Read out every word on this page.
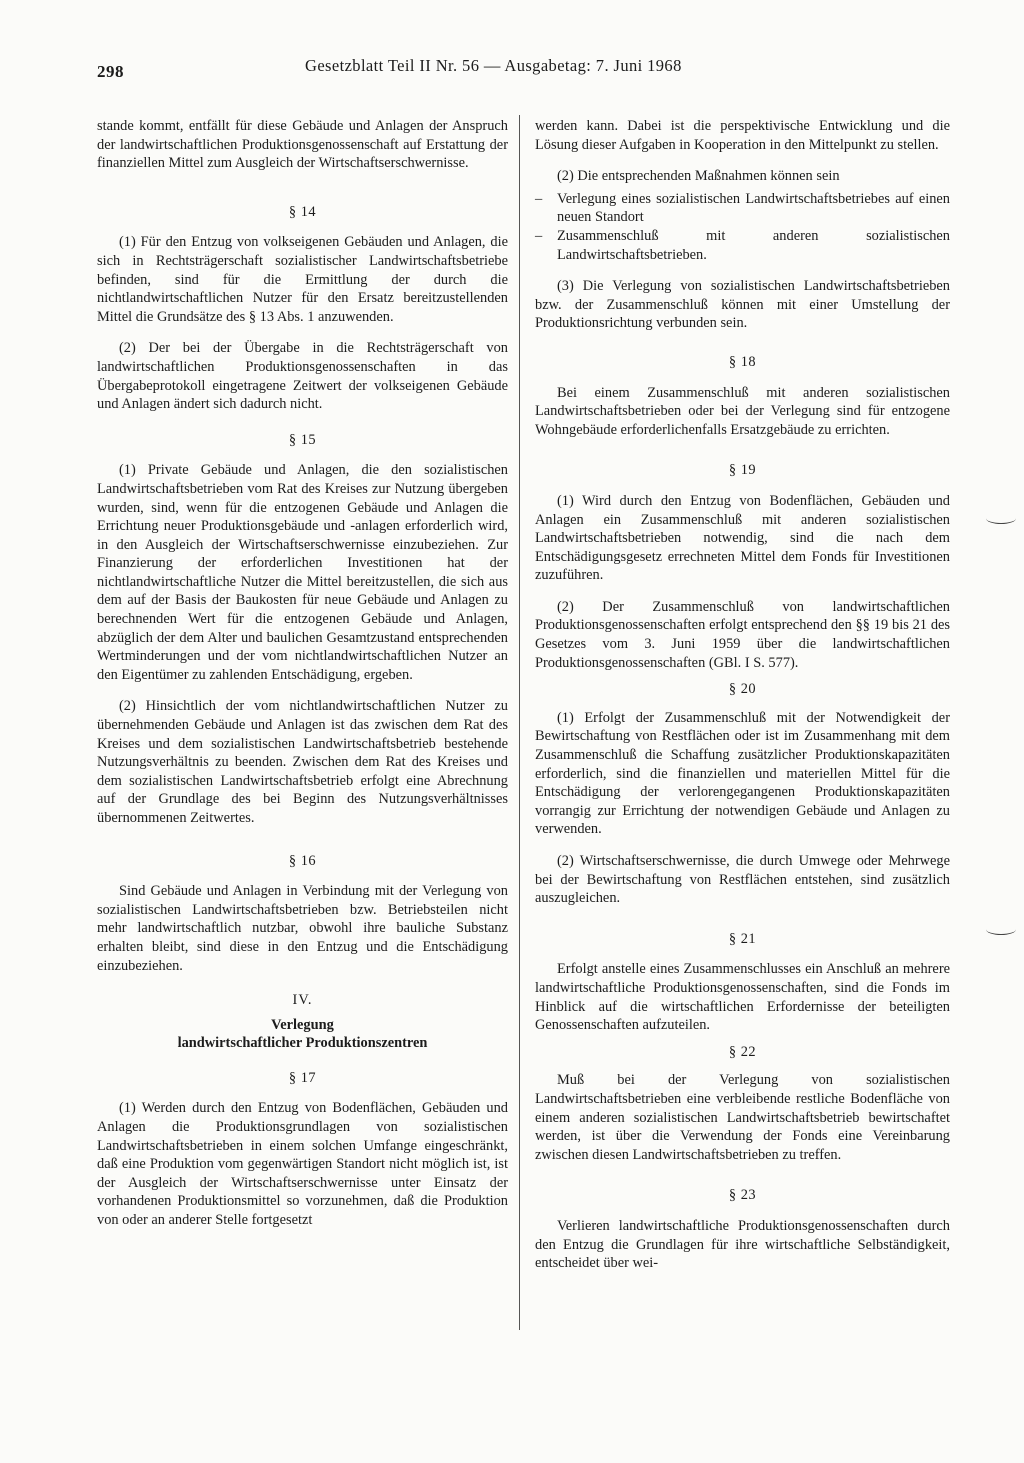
298	Gesetzblatt Teil II Nr. 56 — Ausgabetag: 7. Juni 1968

stande kommt, entfällt für diese Gebäude und Anlagen der Anspruch der landwirtschaftlichen Produktionsgenossenschaft auf Erstattung der finanziellen Mittel zum Ausgleich der Wirtschaftserschwernisse.

§ 14

(1) Für den Entzug von volkseigenen Gebäuden und Anlagen, die sich in Rechtsträgerschaft sozialistischer Landwirtschaftsbetriebe befinden, sind für die Ermittlung der durch die nichtlandwirtschaftlichen Nutzer für den Ersatz bereitzustellenden Mittel die Grundsätze des § 13 Abs. 1 anzuwenden.

(2) Der bei der Übergabe in die Rechtsträgerschaft von landwirtschaftlichen Produktionsgenossenschaften in das Übergabeprotokoll eingetragene Zeitwert der volkseigenen Gebäude und Anlagen ändert sich dadurch nicht.

§ 15

(1) Private Gebäude und Anlagen, die den sozialistischen Landwirtschaftsbetrieben vom Rat des Kreises zur Nutzung übergeben wurden, sind, wenn für die entzogenen Gebäude und Anlagen die Errichtung neuer Produktionsgebäude und -anlagen erforderlich wird, in den Ausgleich der Wirtschaftserschwernisse einzubeziehen. Zur Finanzierung der erforderlichen Investitionen hat der nichtlandwirtschaftliche Nutzer die Mittel bereitzustellen, die sich aus dem auf der Basis der Baukosten für neue Gebäude und Anlagen zu berechnenden Wert für die entzogenen Gebäude und Anlagen, abzüglich der dem Alter und baulichen Gesamtzustand entsprechenden Wertminderungen und der vom nichtlandwirtschaftlichen Nutzer an den Eigentümer zu zahlenden Entschädigung, ergeben.

(2) Hinsichtlich der vom nichtlandwirtschaftlichen Nutzer zu übernehmenden Gebäude und Anlagen ist das zwischen dem Rat des Kreises und dem sozialistischen Landwirtschaftsbetrieb bestehende Nutzungsverhältnis zu beenden. Zwischen dem Rat des Kreises und dem sozialistischen Landwirtschaftsbetrieb erfolgt eine Abrechnung auf der Grundlage des bei Beginn des Nutzungsverhältnisses übernommenen Zeitwertes.

§ 16

Sind Gebäude und Anlagen in Verbindung mit der Verlegung von sozialistischen Landwirtschaftsbetrieben bzw. Betriebsteilen nicht mehr landwirtschaftlich nutzbar, obwohl ihre bauliche Substanz erhalten bleibt, sind diese in den Entzug und die Entschädigung einzubeziehen.

IV.
Verlegung
landwirtschaftlicher Produktionszentren
§ 17

(1) Werden durch den Entzug von Bodenflächen, Gebäuden und Anlagen die Produktionsgrundlagen von sozialistischen Landwirtschaftsbetrieben in einem solchen Umfange eingeschränkt, daß eine Produktion vom gegenwärtigen Standort nicht möglich ist, ist der Ausgleich der Wirtschaftserschwernisse unter Einsatz der vorhandenen Produktionsmittel so vorzunehmen, daß die Produktion von oder an anderer Stelle fortgesetzt

werden kann. Dabei ist die perspektivische Entwicklung und die Lösung dieser Aufgaben in Kooperation in den Mittelpunkt zu stellen.

(2) Die entsprechenden Maßnahmen können sein

– Verlegung eines sozialistischen Landwirtschaftsbetriebes auf einen neuen Standort
– Zusammenschluß mit anderen sozialistischen Landwirtschaftsbetrieben.

(3) Die Verlegung von sozialistischen Landwirtschaftsbetrieben bzw. der Zusammenschluß können mit einer Umstellung der Produktionsrichtung verbunden sein.

§ 18

Bei einem Zusammenschluß mit anderen sozialistischen Landwirtschaftsbetrieben oder bei der Verlegung sind für entzogene Wohngebäude erforderlichenfalls Ersatzgebäude zu errichten.

§ 19

(1) Wird durch den Entzug von Bodenflächen, Gebäuden und Anlagen ein Zusammenschluß mit anderen sozialistischen Landwirtschaftsbetrieben notwendig, sind die nach dem Entschädigungsgesetz errechneten Mittel dem Fonds für Investitionen zuzuführen.

(2) Der Zusammenschluß von landwirtschaftlichen Produktionsgenossenschaften erfolgt entsprechend den §§ 19 bis 21 des Gesetzes vom 3. Juni 1959 über die landwirtschaftlichen Produktionsgenossenschaften (GBl. I S. 577).

§ 20

(1) Erfolgt der Zusammenschluß mit der Notwendigkeit der Bewirtschaftung von Restflächen oder ist im Zusammenhang mit dem Zusammenschluß die Schaffung zusätzlicher Produktionskapazitäten erforderlich, sind die finanziellen und materiellen Mittel für die Entschädigung der verlorengegangenen Produktionskapazitäten vorrangig zur Errichtung der notwendigen Gebäude und Anlagen zu verwenden.

(2) Wirtschaftserschwernisse, die durch Umwege oder Mehrwege bei der Bewirtschaftung von Restflächen entstehen, sind zusätzlich auszugleichen.

§ 21

Erfolgt anstelle eines Zusammenschlusses ein Anschluß an mehrere landwirtschaftliche Produktionsgenossenschaften, sind die Fonds im Hinblick auf die wirtschaftlichen Erfordernisse der beteiligten Genossenschaften aufzuteilen.

§ 22

Muß bei der Verlegung von sozialistischen Landwirtschaftsbetrieben eine verbleibende restliche Bodenfläche von einem anderen sozialistischen Landwirtschaftsbetrieb bewirtschaftet werden, ist über die Verwendung der Fonds eine Vereinbarung zwischen diesen Landwirtschaftsbetrieben zu treffen.

§ 23

Verlieren landwirtschaftliche Produktionsgenossenschaften durch den Entzug die Grundlagen für ihre wirtschaftliche Selbständigkeit, entscheidet über wei-
